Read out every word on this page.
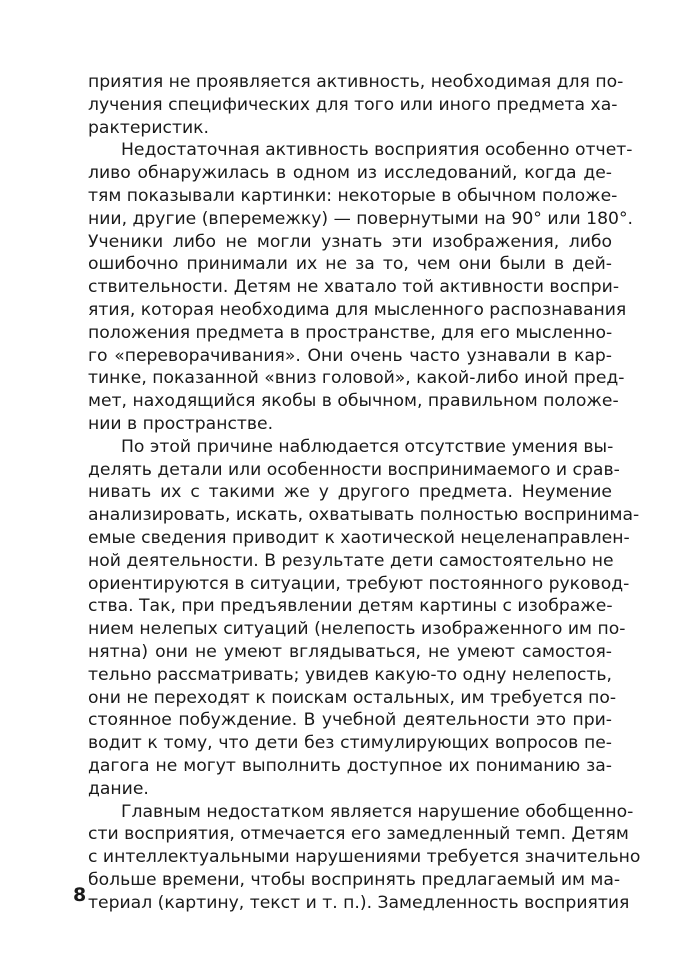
приятия не проявляется активность, необходимая для по-
лучения специфических для того или иного предмета ха-
рактеристик.
Недостаточная активность восприятия особенно отчет-
ливо обнаружилась в одном из исследований, когда де-
тям показывали картинки: некоторые в обычном положе-
нии, другие (вперемежку) — повернутыми на 90° или 180°.
Ученики либо не могли узнать эти изображения, либо
ошибочно принимали их не за то, чем они были в дей-
ствительности. Детям не хватало той активности воспри-
ятия, которая необходима для мысленного распознавания
положения предмета в пространстве, для его мысленно-
го «переворачивания». Они очень часто узнавали в кар-
тинке, показанной «вниз головой», какой-либо иной пред-
мет, находящийся якобы в обычном, правильном положе-
нии в пространстве.
По этой причине наблюдается отсутствие умения вы-
делять детали или особенности воспринимаемого и срав-
нивать их с такими же у другого предмета. Неумение
анализировать, искать, охватывать полностью воспринима-
емые сведения приводит к хаотической нецеленаправлен-
ной деятельности. В результате дети самостоятельно не
ориентируются в ситуации, требуют постоянного руковод-
ства. Так, при предъявлении детям картины с изображе-
нием нелепых ситуаций (нелепость изображенного им по-
нятна) они не умеют вглядываться, не умеют самостоя-
тельно рассматривать; увидев какую-то одну нелепость,
они не переходят к поискам остальных, им требуется по-
стоянное побуждение. В учебной деятельности это при-
водит к тому, что дети без стимулирующих вопросов пе-
дагога не могут выполнить доступное их пониманию за-
дание.
Главным недостатком является нарушение обобщенно-
сти восприятия, отмечается его замедленный темп. Детям
с интеллектуальными нарушениями требуется значительно
больше времени, чтобы воспринять предлагаемый им ма-
териал (картину, текст и т. п.). Замедленность восприятия
8
